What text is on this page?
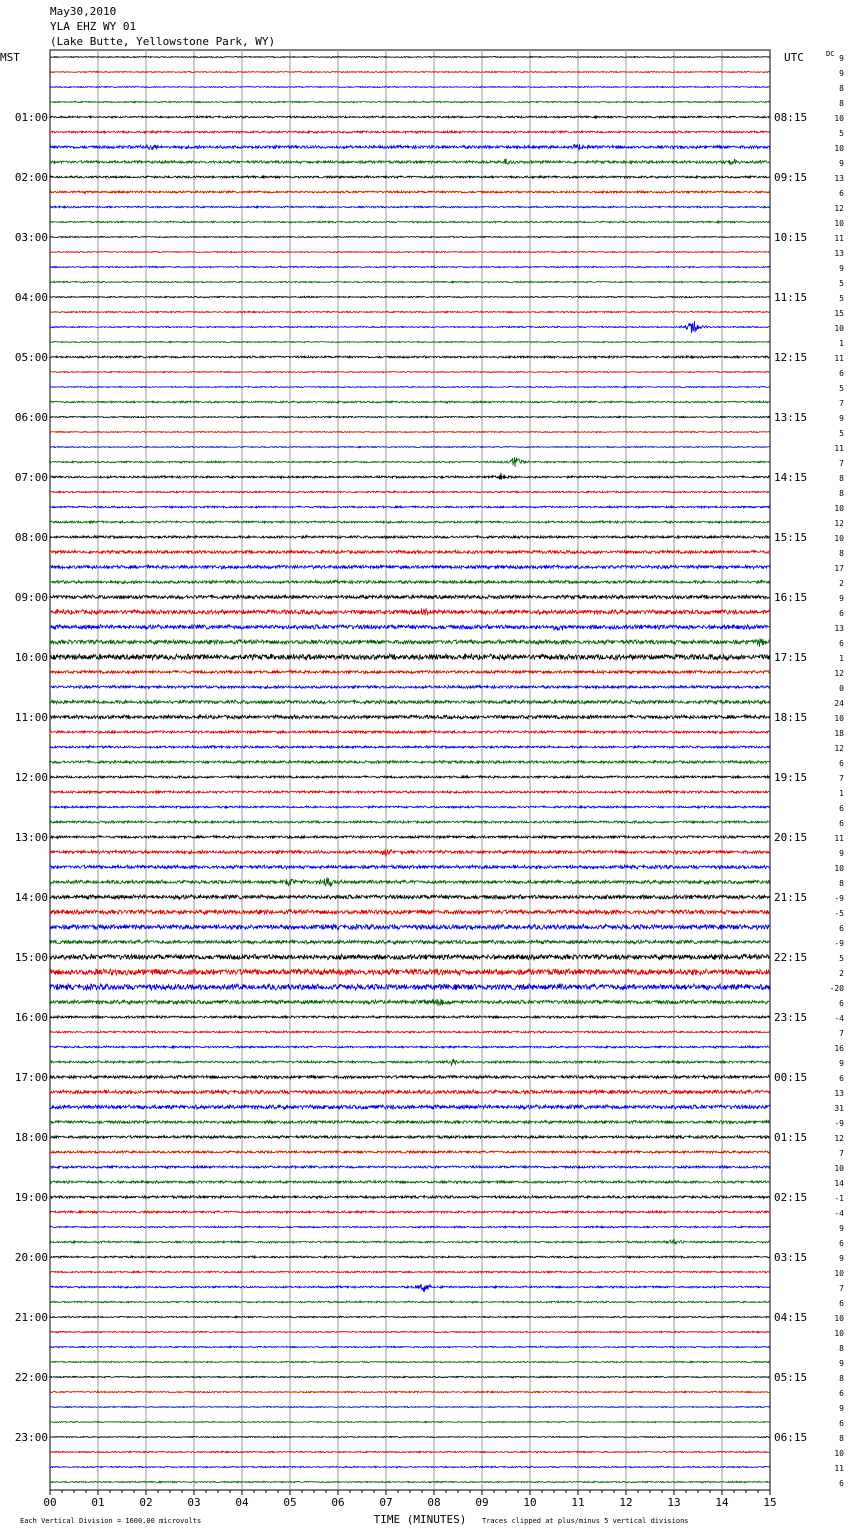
May30,2010
YLA EHZ WY 01
(Lake Butte, Yellowstone Park, WY)
9
9
8
8
10
5
10
9
13
6
12
10
11
13
9
5
5
15
10
1
11
6
5
7
9
5
11
7
8
8
10
12
10
8
17
2
9
6
13
6
1
12
0
24
10
18
12
6
7
1
6
6
11
9
10
8
-9
-5
6
-9
5
2
-20
6
-4
7
16
9
6
13
31
-9
12
7
10
14
-1
-4
9
6
9
10
7
6
10
10
8
9
8
6
9
6
8
10
11
6
MST	UTC	DC
01:00	08:15
02:00	09:15
03:00	10:15
04:00	11:15
05:00	12:15
06:00	13:15
07:00	14:15
08:00	15:15
09:00	16:15
10:00	17:15
11:00	18:15
12:00	19:15
13:00	20:15
14:00	21:15
15:00	22:15
16:00	23:15
17:00	00:15
18:00	01:15
19:00	02:15
20:00	03:15
21:00	04:15
22:00	05:15
23:00	06:15
00	01	02	03	04	05	06	07	08	09	10	11	12	13	14	15
TIME (MINUTES)
Each Vertical Division = 1600.00 microvolts	Traces clipped at plus/minus 5 vertical divisions
